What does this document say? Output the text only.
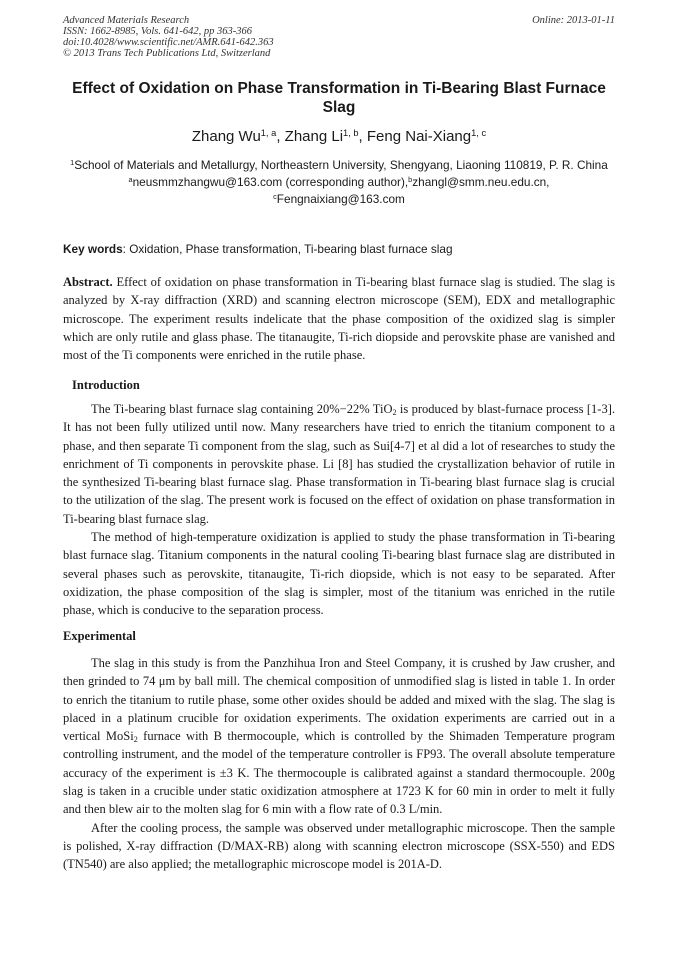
Advanced Materials Research
ISSN: 1662-8985, Vols. 641-642, pp 363-366
doi:10.4028/www.scientific.net/AMR.641-642.363
© 2013 Trans Tech Publications Ltd, Switzerland
Online: 2013-01-11
Effect of Oxidation on Phase Transformation in Ti-Bearing Blast Furnace Slag
Zhang Wu$^{1, a}$, Zhang Li$^{1, b}$, Feng Nai-Xiang$^{1, c}$
$^1$School of Materials and Metallurgy, Northeastern University, Shengyang, Liaoning 110819, P. R. China
$^a$neusmmzhangwu@163.com (corresponding author),$^b$zhangl@smm.neu.edu.cn,
$^c$Fengnaixiang@163.com
Key words: Oxidation, Phase transformation, Ti-bearing blast furnace slag

Abstract. Effect of oxidation on phase transformation in Ti-bearing blast furnace slag is studied. The slag is analyzed by X-ray diffraction (XRD) and scanning electron microscope (SEM), EDX and metallographic microscope. The experiment results indelicate that the phase composition of the oxidized slag is simpler which are only rutile and glass phase. The titanaugite, Ti-rich diopside and perovskite phase are vanished and most of the Ti components were enriched in the rutile phase.

Introduction

The Ti-bearing blast furnace slag containing 20%−22% TiO$_2$ is produced by blast-furnace process [1-3]. It has not been fully utilized until now. Many researchers have tried to enrich the titanium component to a phase, and then separate Ti component from the slag, such as Sui[4-7] et al did a lot of researches to study the enrichment of Ti components in perovskite phase. Li [8] has studied the crystallization behavior of rutile in the synthesized Ti-bearing blast furnace slag. Phase transformation in Ti-bearing blast furnace slag is crucial to the utilization of the slag. The present work is focused on the effect of oxidation on phase transformation in Ti-bearing blast furnace slag.

The method of high-temperature oxidization is applied to study the phase transformation in Ti-bearing blast furnace slag. Titanium components in the natural cooling Ti-bearing blast furnace slag are distributed in several phases such as perovskite, titanaugite, Ti-rich diopside, which is not easy to be separated. After oxidization, the phase composition of the slag is simpler, most of the titanium was enriched in the rutile phase, which is conducive to the separation process.

Experimental

The slag in this study is from the Panzhihua Iron and Steel Company, it is crushed by Jaw crusher, and then grinded to 74 μm by ball mill. The chemical composition of unmodified slag is listed in table 1. In order to enrich the titanium to rutile phase, some other oxides should be added and mixed with the slag. The slag is placed in a platinum crucible for oxidation experiments. The oxidation experiments are carried out in a vertical MoSi$_2$ furnace with B thermocouple, which is controlled by the Shimaden Temperature program controlling instrument, and the model of the temperature controller is FP93. The overall absolute temperature accuracy of the experiment is ±3 K. The thermocouple is calibrated against a standard thermocouple. 200g slag is taken in a crucible under static oxidization atmosphere at 1723 K for 60 min in order to melt it fully and then blew air to the molten slag for 6 min with a flow rate of 0.3 L/min.

After the cooling process, the sample was observed under metallographic microscope. Then the sample is polished, X-ray diffraction (D/MAX-RB) along with scanning electron microscope (SSX-550) and EDS (TN540) are also applied; the metallographic microscope model is 201A-D.
